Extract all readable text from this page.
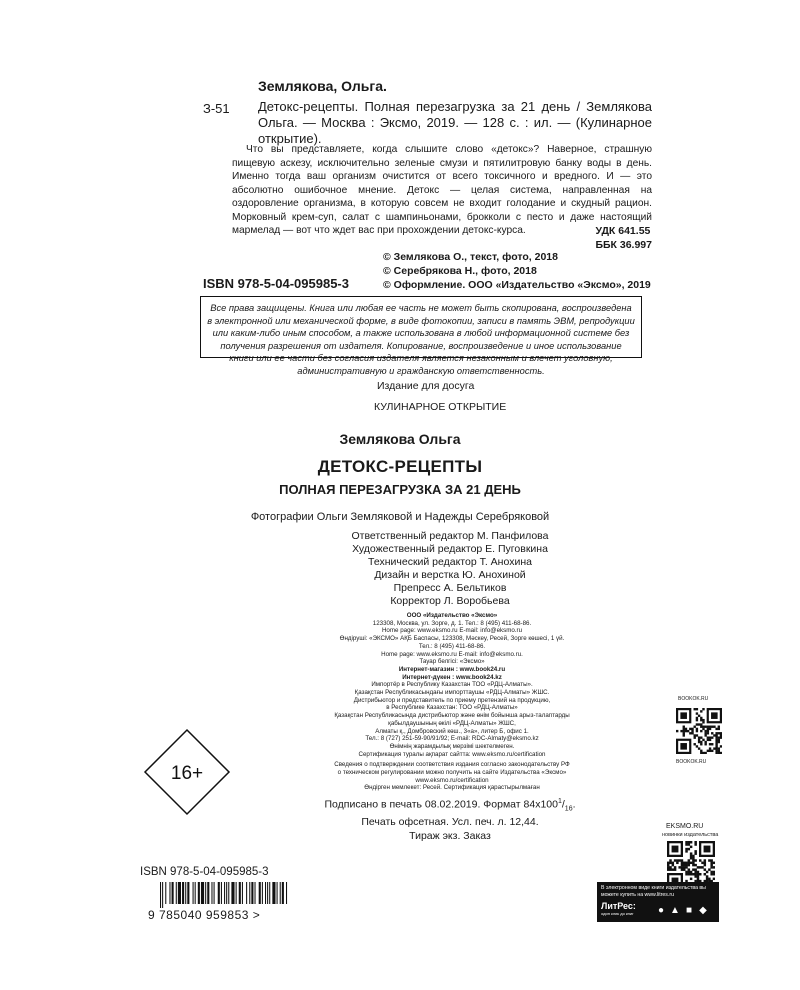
Землякова, Ольга.
З-51 Детокс-рецепты. Полная перезагрузка за 21 день / Землякова Ольга. — Москва : Эксмо, 2019. — 128 с. : ил. — (Кулинарное открытие).
Что вы представляете, когда слышите слово «детокс»? Наверное, страшную пищевую аскезу, исключительно зеленые смузи и пятилитровую банку воды в день. Именно тогда ваш организм очистится от всего токсичного и вредного. И — это абсолютно ошибочное мнение. Детокс — целая система, направленная на оздоровление организма, в которую совсем не входит голодание и скудный рацион. Морковный крем-суп, салат с шампиньонами, брокколи с песто и даже настоящий мармелад — вот что ждет вас при прохождении детокс-курса.	УДК 641.55
ББК 36.997
© Землякова О., текст, фото, 2018
© Серебрякова Н., фото, 2018
© Оформление. ООО «Издательство «Эксмо», 2019
ISBN 978-5-04-095985-3
Все права защищены. Книга или любая ее часть не может быть скопирована, воспроизведена в электронной или механической форме, в виде фотокопии, записи в память ЭВМ, репродукции или каким-либо иным способом, а также использована в любой информационной системе без получения разрешения от издателя. Копирование, воспроизведение и иное использование книги или ее части без согласия издателя является незаконным и влечет уголовную, административную и гражданскую ответственность.
Издание для досуга
КУЛИНАРНОЕ ОТКРЫТИЕ
Землякова Ольга
ДЕТОКС-РЕЦЕПТЫ
ПОЛНАЯ ПЕРЕЗАГРУЗКА ЗА 21 ДЕНЬ
Фотографии Ольги Земляковой и Надежды Серебряковой
Ответственный редактор М. Панфилова
Художественный редактор Е. Пуговкина
Технический редактор Т. Анохина
Дизайн и верстка Ю. Анохиной
Препресс А. Бельтиков
Корректор Л. Воробьева
ООО «Издательство «Эксмо»
123308, Москва, ул. Зорге, д. 1. Тел.: 8 (495) 411-68-86.
Home page: www.eksmo.ru E-mail: info@eksmo.ru
Өндіруші: «ЭКСМО» АҚБ Баспасы, 123308, Мәскеу, Ресей, Зорге көшесі, 1 үй.
Тел.: 8 (495) 411-68-86.
Home page: www.eksmo.ru E-mail: info@eksmo.ru.
Тауар белгісі: «Эксмо»
Интернет-магазин : www.book24.ru
Интернет-дүкен : www.book24.kz
Импортёр в Республику Казахстан ТОО «РДЦ-Алматы».
Қазақстан Республикасындағы импорттаушы «РДЦ-Алматы» ЖШС.
Дистрибьютор и представитель по приему претензий на продукцию,
в Республике Казахстан: ТОО «РДЦ-Алматы»
Қазақстан Республикасында дистрибьютор және өнім бойынша арыз-талаптарды
қабылдаушының өкілі «РДЦ-Алматы» ЖШС,
Алматы қ., Домбровский көш., 3«а», литер Б, офис 1.
Тел.: 8 (727) 251-59-90/91/92; E-mail: RDC-Almaty@eksmo.kz
Өнімнің жарамдылық мерзімі шектелмеген.
Сертификация туралы ақпарат сайтта: www.eksmo.ru/certification

Сведения о подтверждении соответствия издания согласно законодательству РФ
о техническом регулировании можно получить на сайте Издательства «Эксмо»
www.eksmo.ru/certification
Өндірген мемлекет: Ресей. Сертификация қарастырылмаған
16+
Подписано в печать 08.02.2019. Формат $84x100^1/_{16}$.
Печать офсетная. Усл. печ. л. 12,44.
Тираж экз. Заказ
BOOKOK.RU
BOOKOK.RU
EKSMO.RU
новинки издательства
ISBN 978-5-04-095985-3
9 785040 959853 >
В электронном виде книги издательства вы можете купить на www.litres.ru
ЛитРес:
один клик до книг	● ▲ ■ ◆
